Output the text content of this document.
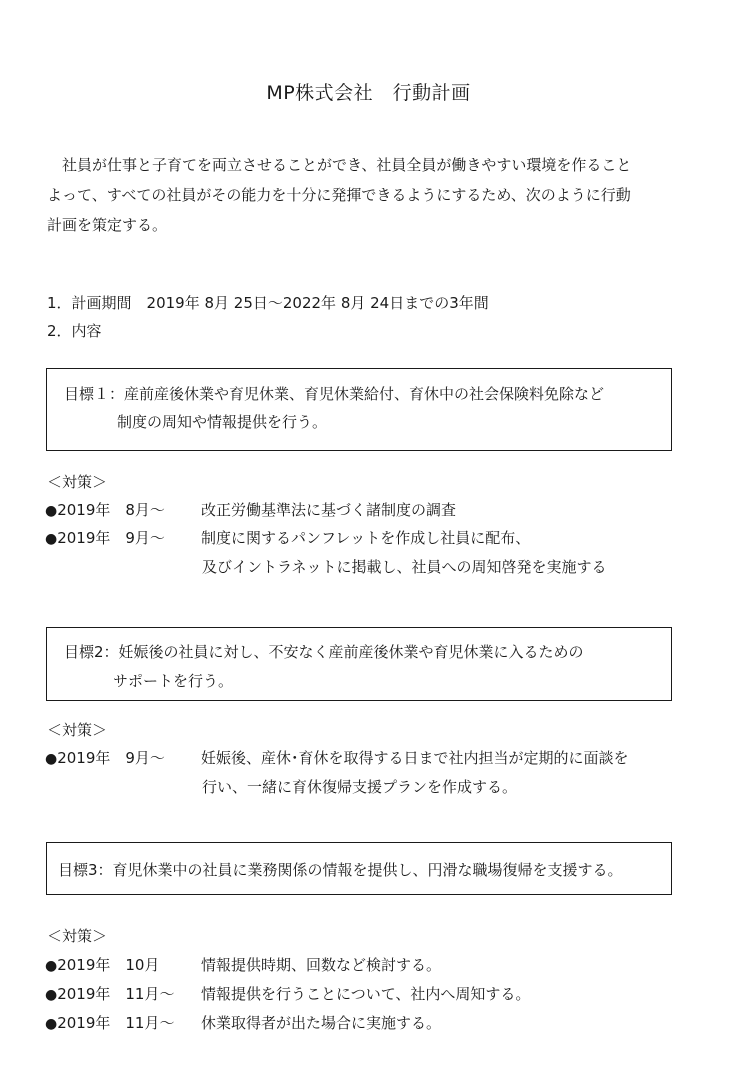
MP株式会社　行動計画
　社員が仕事と子育てを両立させることができ、社員全員が働きやすい環境を作ること
よって、すべての社員がその能力を十分に発揮できるようにするため、次のように行動
計画を策定する。
1．計画期間　2019年 8月 25日～2022年 8月 24日までの3年間
2．内容
目標１：産前産後休業や育児休業、育児休業給付、育休中の社会保険料免除など
制度の周知や情報提供を行う。
＜対策＞
●2019年　8月～ 改正労働基準法に基づく諸制度の調査
●2019年　9月～ 制度に関するパンフレットを作成し社員に配布、
及びイントラネットに掲載し、社員への周知啓発を実施する
目標2：妊娠後の社員に対し、不安なく産前産後休業や育児休業に入るための
サポートを行う。
＜対策＞
●2019年　9月～ 妊娠後、産休･育休を取得する日まで社内担当が定期的に面談を
行い、一緒に育休復帰支援プランを作成する。
目標3：育児休業中の社員に業務関係の情報を提供し、円滑な職場復帰を支援する。
＜対策＞
●2019年　10月	情報提供時期、回数など検討する。
●2019年　11月～ 情報提供を行うことについて、社内へ周知する。
●2019年　11月～ 休業取得者が出た場合に実施する。
